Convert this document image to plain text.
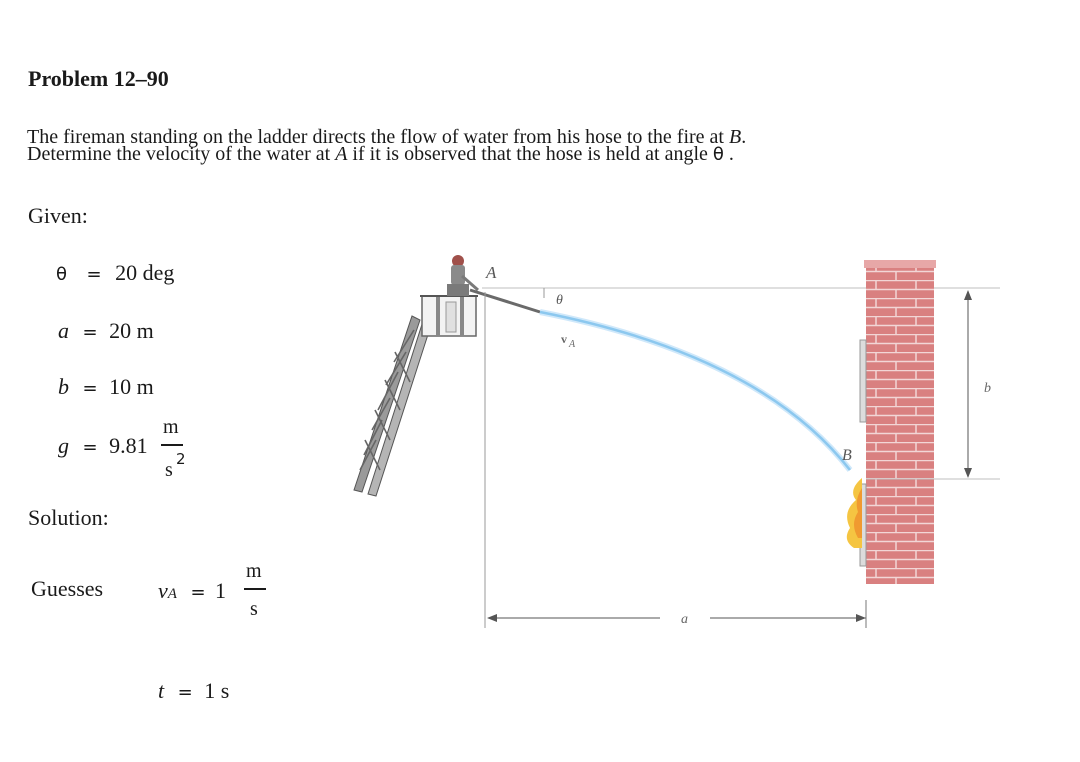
Problem 12–90
The fireman standing on the ladder directs the flow of water from his hose to the fire at B.
Determine the velocity of the water at A if it is observed that the hose is held at angle θ .
Given:
θ = 20 deg
a = 20 m
b = 10 m
g = 9.81
m
s 2
Solution:
Guesses vA = 1
m
s
t = 1 s
A
B
θ
v A
a
b
